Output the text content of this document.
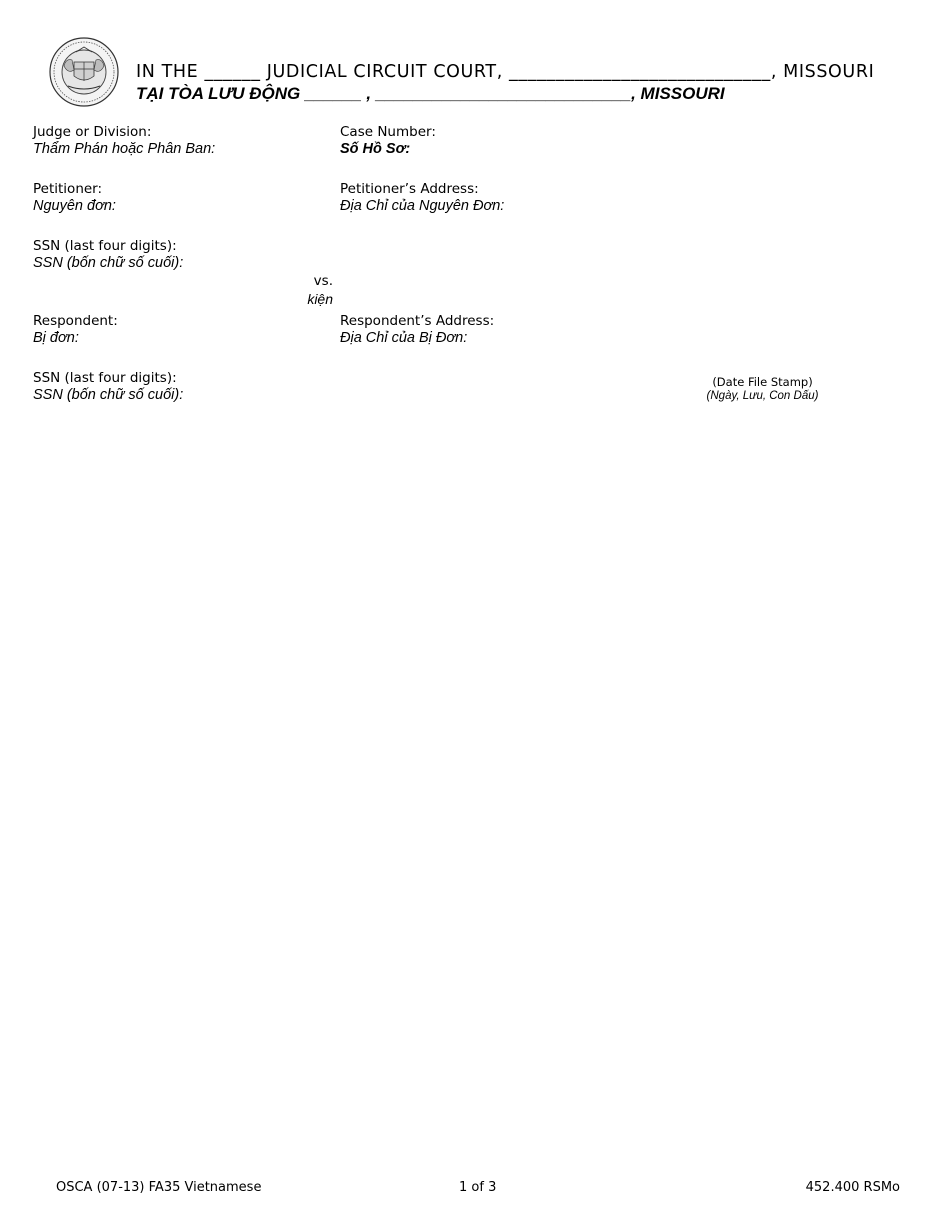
IN THE ______ JUDICIAL CIRCUIT COURT, ____________________________, MISSOURI
TẠI TÒA LƯU ĐỘNG ______ , ___________________________, MISSOURI
Judge or Division:
Thẩm Phán hoặc Phân Ban:
Case Number:
Số Hồ Sơ:
Petitioner:
Nguyên đơn:
SSN (last four digits):
SSN (bốn chữ số cuối):
vs.
kiện
Petitioner’s Address:
Địa Chỉ của Nguyên Đơn:
Respondent:
Bị đơn:
SSN (last four digits):
SSN (bốn chữ số cuối):
Respondent’s Address:
Địa Chỉ của Bị Đơn:
(Date File Stamp)
(Ngày, Lưu, Con Dấu)
OSCA (07-13) FA35 Vietnamese	1 of 3	452.400 RSMo
